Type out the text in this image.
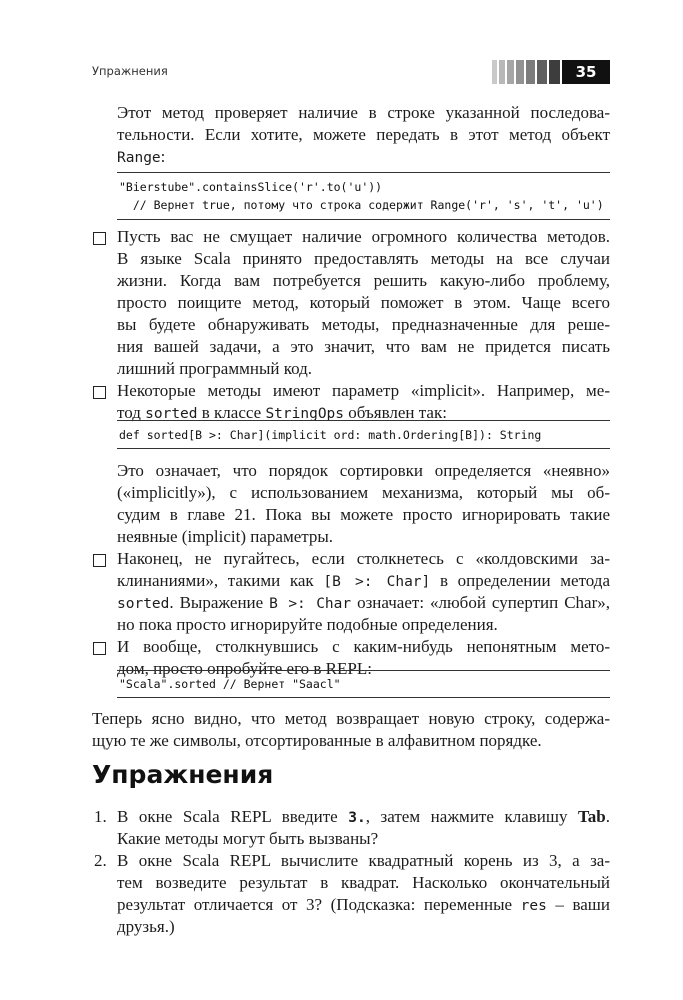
Упражнения	35
Этот метод проверяет наличие в строке указанной последова-
тельности. Если хотите, можете передать в этот метод объект
Range:
"Bierstube".containsSlice('r'.to('u'))
// Вернет true, потому что строка содержит Range('r', 's', 't', 'u')
Пусть вас не смущает наличие огромного количества методов.
В языке Scala принято предоставлять методы на все случаи
жизни. Когда вам потребуется решить какую-либо проблему,
просто поищите метод, который поможет в этом. Чаще всего
вы будете обнаруживать методы, предназначенные для реше-
ния вашей задачи, а это значит, что вам не придется писать
лишний программный код.
Некоторые методы имеют параметр «implicit». Например, ме-
тод sorted в классе StringOps объявлен так:
def sorted[B >: Char](implicit ord: math.Ordering[B]): String
Это означает, что порядок сортировки определяется «неявно»
(«implicitly»), с использованием механизма, который мы об-
судим в главе 21. Пока вы можете просто игнорировать такие
неявные (implicit) параметры.
Наконец, не пугайтесь, если столкнетесь с «колдовскими за-
клинаниями», такими как [B >: Char] в определении метода
sorted. Выражение B >: Char означает: «любой супертип Char»,
но пока просто игнорируйте подобные определения.
И вообще, столкнувшись с каким-нибудь непонятным мето-
дом, просто опробуйте его в REPL:
"Scala".sorted // Вернет "Saacl"
Теперь ясно видно, что метод возвращает новую строку, содержа-
щую те же символы, отсортированные в алфавитном порядке.
Упражнения
1. В окне Scala REPL введите 3., затем нажмите клавишу Tab.
Какие методы могут быть вызваны?
2. В окне Scala REPL вычислите квадратный корень из 3, а за-
тем возведите результат в квадрат. Насколько окончательный
результат отличается от 3? (Подсказка: переменные res – ваши
друзья.)
